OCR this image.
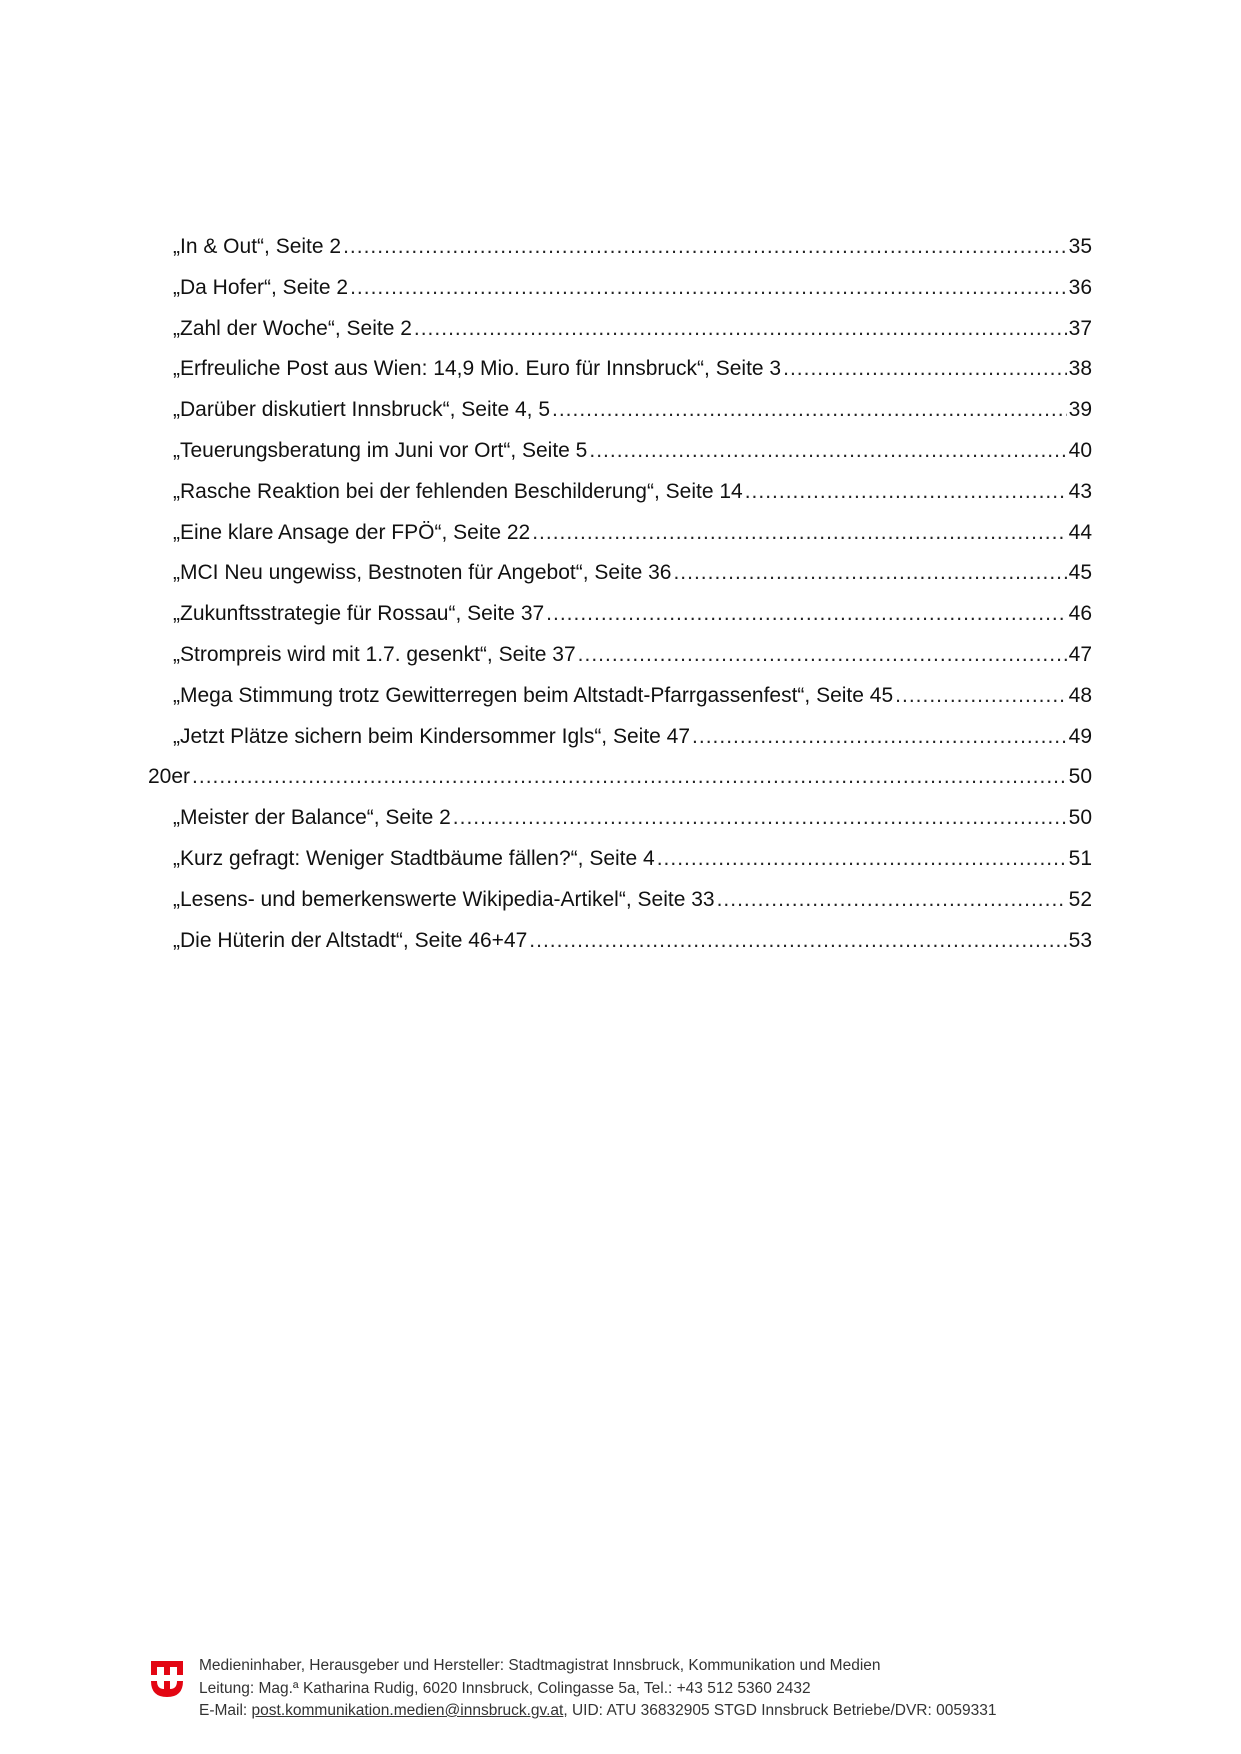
„In & Out“, Seite 2 .....	35
„Da Hofer“, Seite 2 .....	36
„Zahl der Woche“, Seite 2 .....	37
„Erfreuliche Post aus Wien: 14,9 Mio. Euro für Innsbruck“, Seite 3 .....	38
„Darüber diskutiert Innsbruck“, Seite 4, 5 .....	39
„Teuerungsberatung im Juni vor Ort“, Seite 5 .....	40
„Rasche Reaktion bei der fehlenden Beschilderung“, Seite 14 .....	43
„Eine klare Ansage der FPÖ“, Seite 22 .....	44
„MCI Neu ungewiss, Bestnoten für Angebot“, Seite 36 .....	45
„Zukunftsstrategie für Rossau“, Seite 37 .....	46
„Strompreis wird mit 1.7. gesenkt“, Seite 37 .....	47
„Mega Stimmung trotz Gewitterregen beim Altstadt-Pfarrgassenfest“, Seite 45 .....	48
„Jetzt Plätze sichern beim Kindersommer Igls“, Seite 47 .....	49
20er .....	50
„Meister der Balance“, Seite 2 .....	50
„Kurz gefragt: Weniger Stadtbäume fällen?“, Seite 4 .....	51
„Lesens- und bemerkenswerte Wikipedia-Artikel“, Seite 33 .....	52
„Die Hüterin der Altstadt“, Seite 46+47 .....	53
Medieninhaber, Herausgeber und Hersteller: Stadtmagistrat Innsbruck, Kommunikation und Medien
Leitung: Mag.ª Katharina Rudig, 6020 Innsbruck, Colingasse 5a, Tel.: +43 512 5360 2432
E-Mail: post.kommunikation.medien@innsbruck.gv.at, UID: ATU 36832905 STGD Innsbruck Betriebe/DVR: 0059331
